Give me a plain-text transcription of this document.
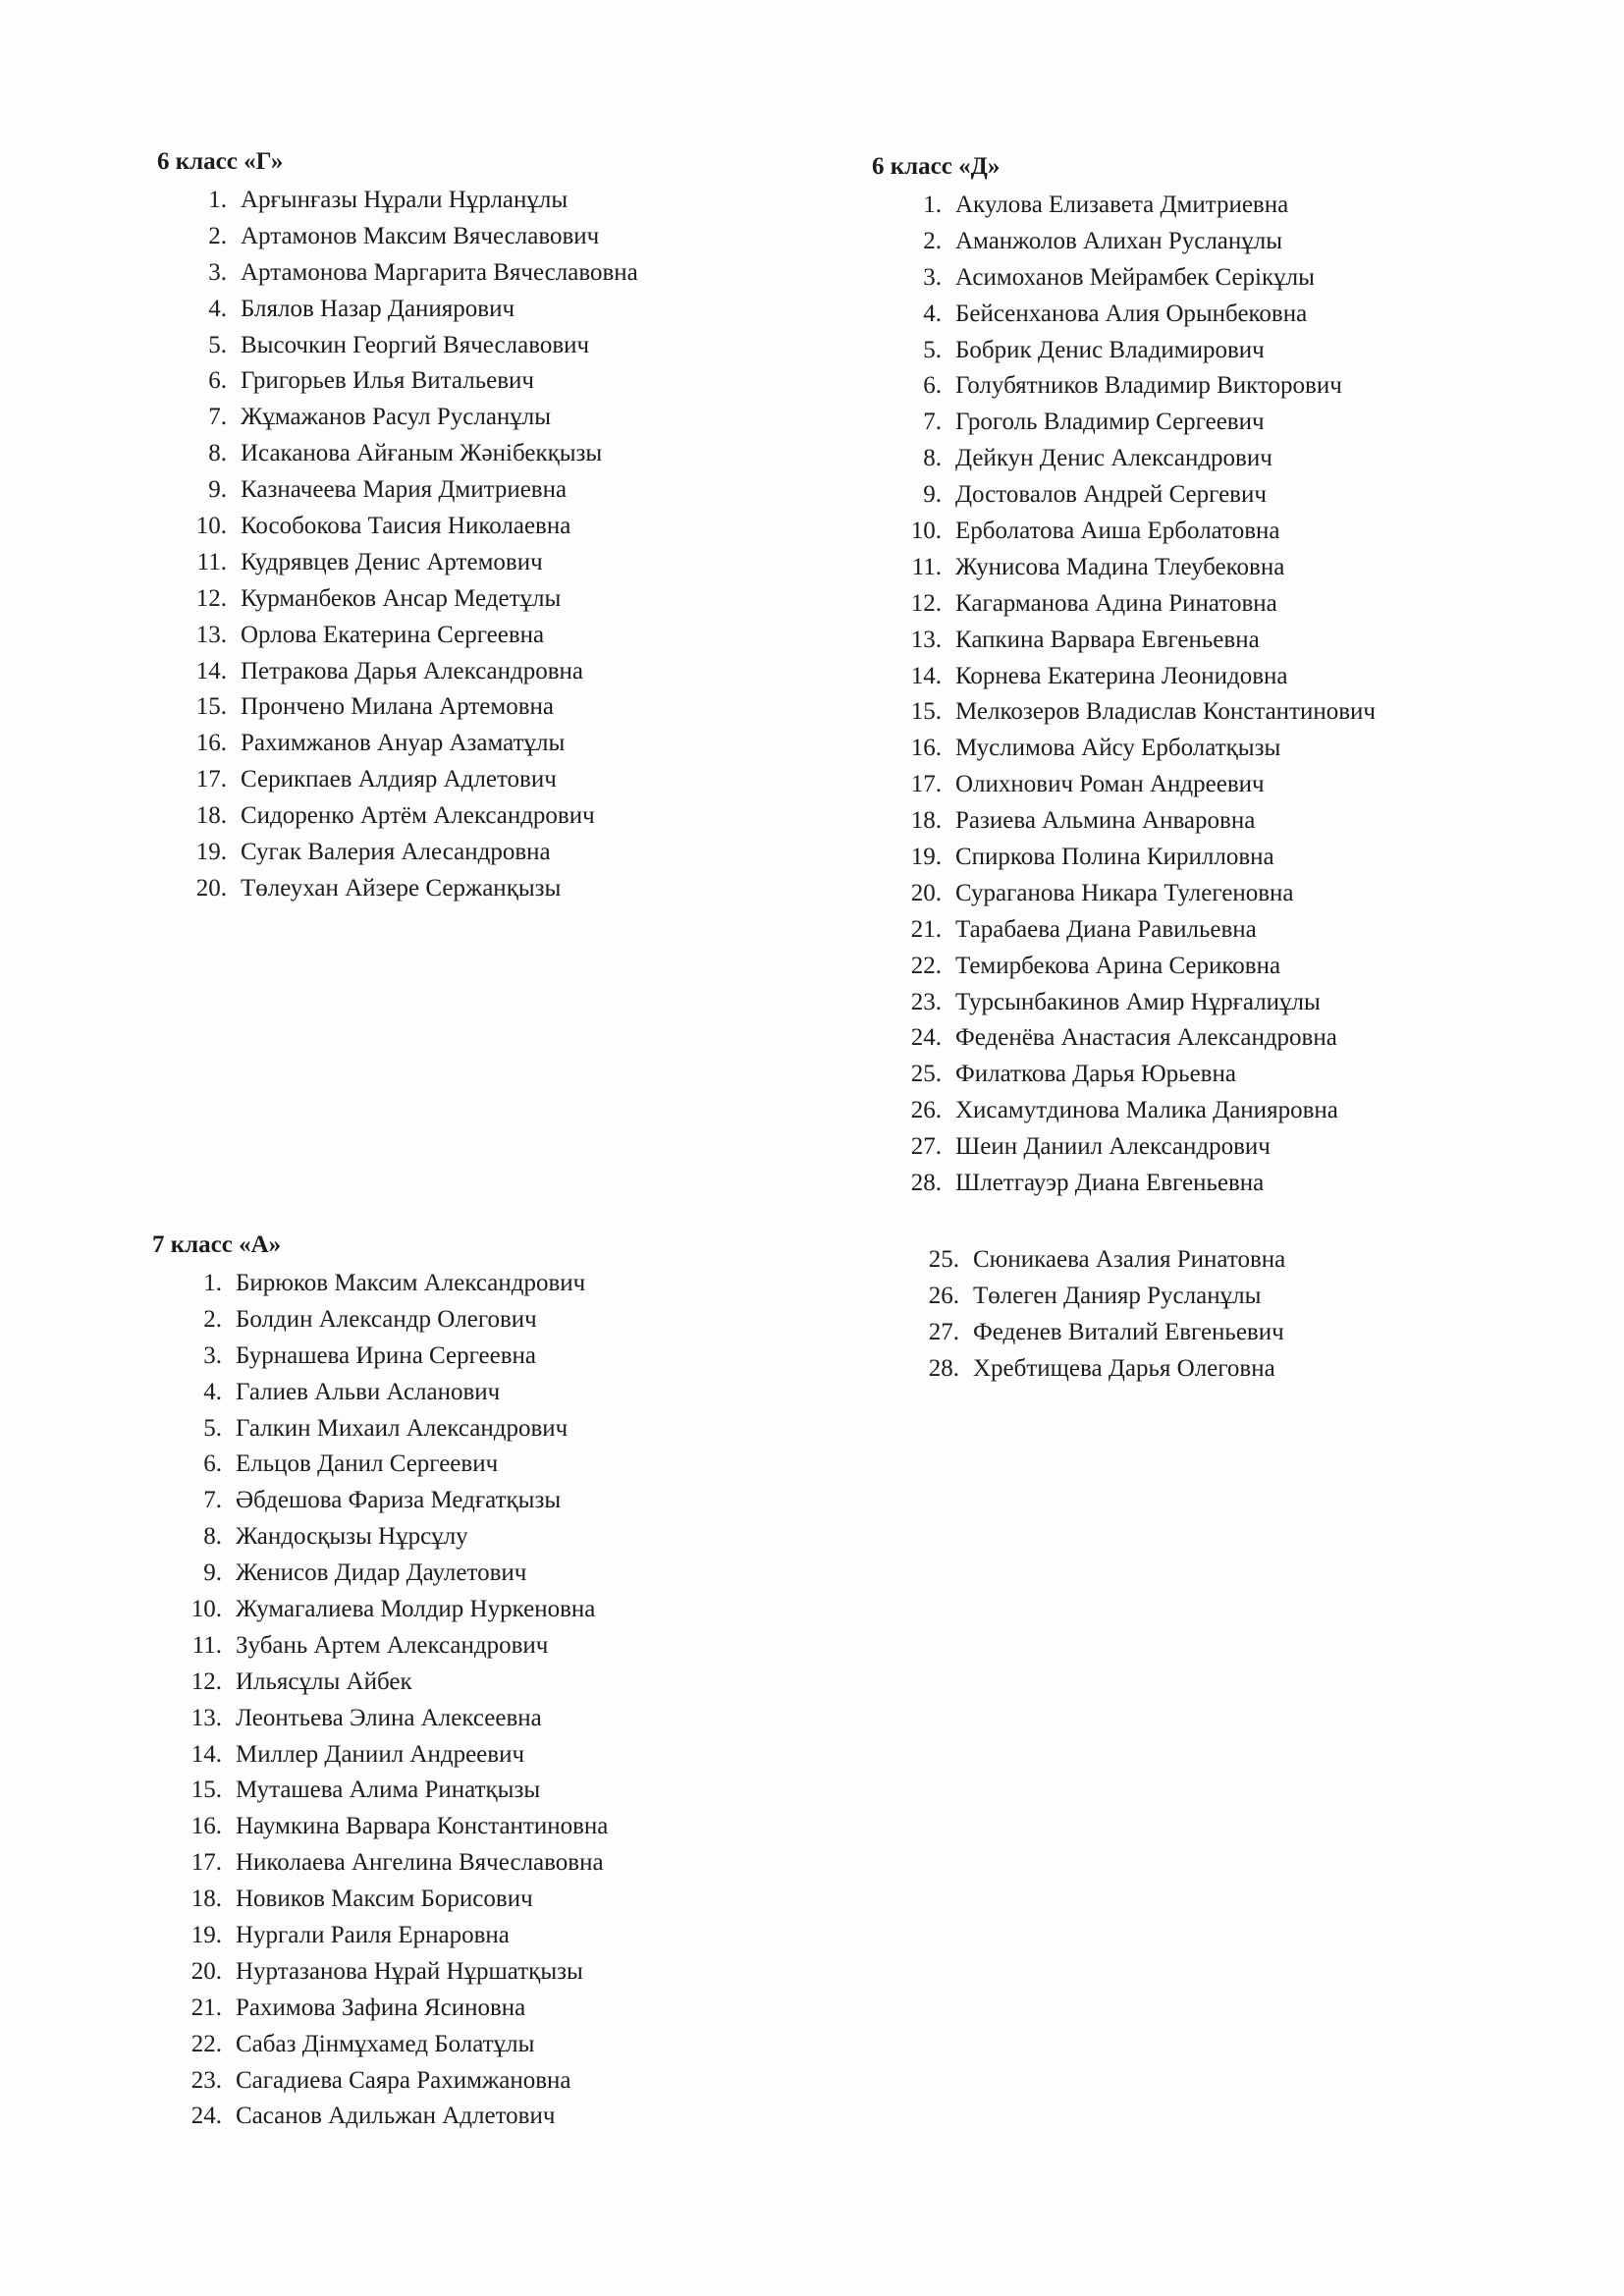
6 класс «Г»
1. Арғынғазы Нұрали Нұрланұлы
2. Артамонов Максим Вячеславович
3. Артамонова Маргарита Вячеславовна
4. Блялов Назар Даниярович
5. Высочкин Георгий Вячеславович
6. Григорьев Илья Витальевич
7. Жұмажанов Расул Русланұлы
8. Исаканова Айғаным Жәнібекқызы
9. Казначеева Мария Дмитриевна
10. Кособокова Таисия Николаевна
11. Кудрявцев Денис Артемович
12. Курманбеков Ансар Медетұлы
13. Орлова Екатерина Сергеевна
14. Петракова Дарья Александровна
15. Прончено Милана Артемовна
16. Рахимжанов Ануар Азаматұлы
17. Серикпаев Алдияр Адлетович
18. Сидоренко Артём Александрович
19. Сугак Валерия Алесандровна
20. Төлеухан Айзере Сержанқызы
6 класс «Д»
1. Акулова Елизавета Дмитриевна
2. Аманжолов Алихан Русланұлы
3. Асимоханов Мейрамбек Серікұлы
4. Бейсенханова Алия Орынбековна
5. Бобрик Денис Владимирович
6. Голубятников Владимир Викторович
7. Гроголь Владимир Сергеевич
8. Дейкун Денис Александрович
9. Достовалов Андрей Сергевич
10. Ерболатова Аиша Ерболатовна
11. Жунисова Мадина Тлеубековна
12. Кагарманова Адина Ринатовна
13. Капкина Варвара Евгеньевна
14. Корнева Екатерина Леонидовна
15. Мелкозеров Владислав Константинович
16. Муслимова Айсу Ерболатқызы
17. Олихнович Роман Андреевич
18. Разиева Альмина Анваровна
19. Спиркова Полина Кирилловна
20. Сураганова Никара Тулегеновна
21. Тарабаева Диана Равильевна
22. Темирбекова Арина Сериковна
23. Турсынбакинов Амир Нұрғалиұлы
24. Феденёва Анастасия Александровна
25. Филаткова Дарья Юрьевна
26. Хисамутдинова Малика Данияровна
27. Шеин Даниил Александрович
28. Шлетгауэр Диана Евгеньевна
7 класс «А»
1. Бирюков Максим Александрович
2. Болдин Александр Олегович
3. Бурнашева Ирина Сергеевна
4. Галиев Альви Асланович
5. Галкин Михаил Александрович
6. Ельцов Данил Сергеевич
7. Әбдешова Фариза Медғатқызы
8. Жандосқызы Нұрсұлу
9. Женисов Дидар Даулетович
10. Жумагалиева Молдир Нуркеновна
11. Зубань Артем Александрович
12. Ильясұлы Айбек
13. Леонтьева Элина Алексеевна
14. Миллер Даниил Андреевич
15. Муташева Алима Ринатқызы
16. Наумкина Варвара Константиновна
17. Николаева Ангелина Вячеславовна
18. Новиков Максим Борисович
19. Нургали Раиля Ернаровна
20. Нуртазанова Нұрай Нұршатқызы
21. Рахимова Зафина Ясиновна
22. Сабаз Дінмұхамед Болатұлы
23. Сагадиева Саяра Рахимжановна
24. Сасанов Адильжан Адлетович
25. Сюникаева Азалия Ринатовна
26. Төлеген Данияр Русланұлы
27. Феденев Виталий Евгеньевич
28. Хребтищева Дарья Олеговна
